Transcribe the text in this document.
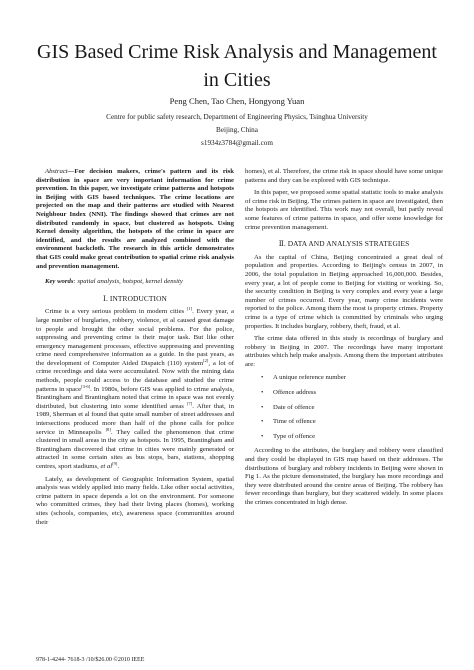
GIS Based Crime Risk Analysis and Management
in Cities
Peng Chen, Tao Chen, Hongyong Yuan
Centre for public safety research, Department of Engineering Physics, Tsinghua University
Beijing, China
s1934z3784@gmail.com

Abstract—For decision makers, crime's pattern and its risk distribution in space are very important information for crime prevention. In this paper, we investigate crime patterns and hotspots in Beijing with GIS based techniques. The crime locations are projected on the map and their patterns are studied with Nearest Neighbour Index (NNI). The findings showed that crimes are not distributed randomly in space, but clustered as hotspots. Using Kernel density algorithm, the hotspots of the crime in space are identified, and the results are analyzed combined with the environment backcloth. The research in this article demonstrates that GIS could make great contribution to spatial crime risk analysis and prevention management.

Key words: spatial analysis, hotspot, kernel density

Ⅰ. INTRODUCTION

Crime is a very serious problem in modern cities [1]. Every year, a large number of burglaries, robbery, violence, et al caused great damage to people and brought the other social problems. For the police, suppressing and preventing crime is their major task. But like other emergency management processes, effective suppressing and preventing crime need comprehensive information as a guide. In the past years, as the development of Computer Aided Dispatch (110) system[2], a lot of crime recordings and data were accumulated. Now with the mining data methods, people could access to the database and studied the crime patterns in space[3-6]. In 1980s, before GIS was applied to crime analysis, Brantingham and Brantingham noted that crime in space was not evenly distributed, but clustering into some identified areas [7]. After that, in 1989, Sherman et al found that quite small number of street addresses and intersections produced more than half of the phone calls for police service in Minneapolis [8]. They called the phenomenon that crime clustered in small areas in the city as hotspots. In 1995, Brantingham and Brantingham discovered that crime in cities were mainly generated or attracted in some certain sites as bus stops, bars, stations, shopping centres, sport stadiums, et al[9].

Lately, as development of Geographic Information System, spatial analysis was widely applied into many fields. Like other social activities, crime pattern in space depends a lot on the environment. For someone who committed crimes, they had their living places (homes), working sites (schools, companies, etc), awareness space (communities around their

homes), et al. Therefore, the crime risk in space should have some unique patterns and they can be explored with GIS technique.

In this paper, we proposed some spatial statistic tools to make analysis of crime risk in Beijing. The crimes pattern in space are investigated, then the hotspots are identified. This work may not overall, but partly reveal some features of crime patterns in space, and offer some knowledge for crime prevention management.

Ⅱ. DATA AND ANALYSIS STRATEGIES

As the capital of China, Beijing concentrated a great deal of population and properties. According to Beijing's census in 2007, in 2006, the total population in Beijing approached 16,000,000. Besides, every year, a lot of people come to Beijing for visiting or working. So, the security condition in Beijing is very complex and every year a large number of crimes occurred. Every year, many crime incidents were reported to the police. Among them the most is property crimes. Property crime is a type of crime which is committed by criminals who urging properties. It includes burglary, robbery, theft, fraud, et al.

The crime data offered in this study is recordings of burglary and robbery in Beijing in 2007. The recordings have many important attributes which help make analysis. Among them the important attributes are:

• A unique reference number
• Offence address
• Date of offence
• Time of offence
• Type of offence

According to the attributes, the burglary and robbery were classified and they could be displayed in GIS map based on their addresses. The distributions of burglary and robbery incidents in Beijing were shown in Fig 1. As the picture demonstrated, the burglary has more recordings and they were distributed around the centre areas of Beijing. The robbery has fewer recordings than burglary, but they scattered widely. In some places the crimes concentrated in high dense.

978-1-4244- 7618-3 /10/$26.00 ©2010 IEEE
